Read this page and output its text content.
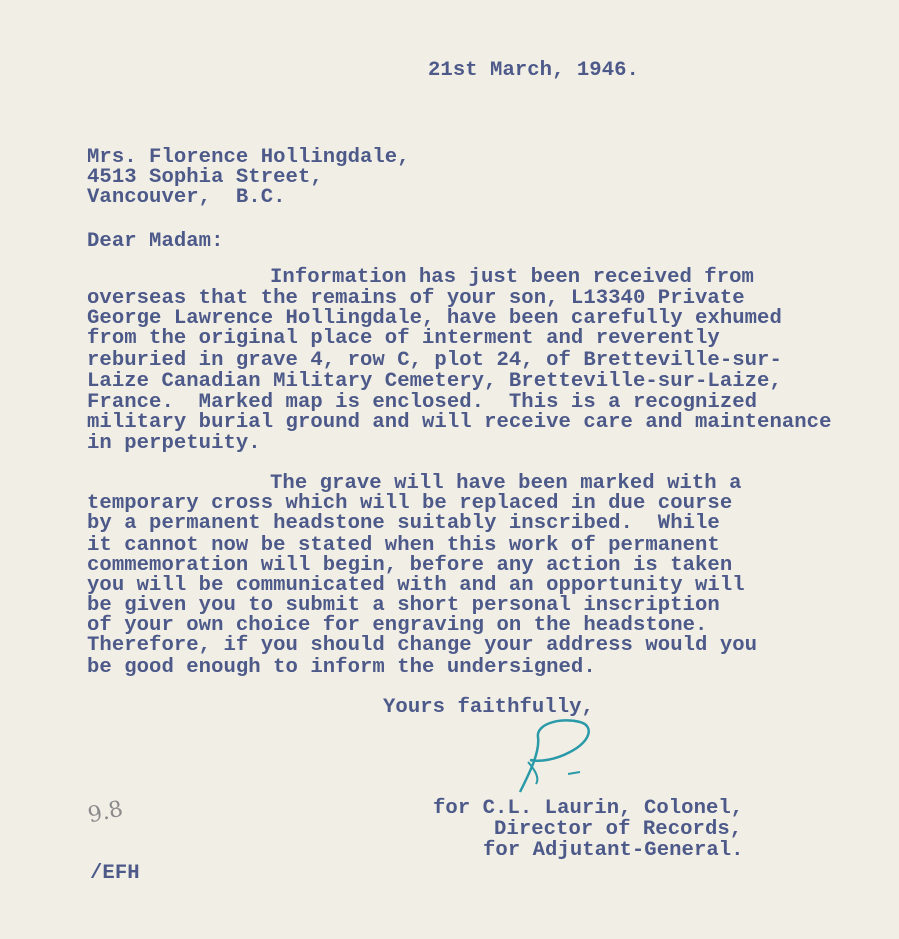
21st March, 1946.
Mrs. Florence Hollingdale,
4513 Sophia Street,
Vancouver,  B.C.
Dear Madam:
Information has just been received from
overseas that the remains of your son, L13340 Private
George Lawrence Hollingdale, have been carefully exhumed
from the original place of interment and reverently
reburied in grave 4, row C, plot 24, of Bretteville-sur-
Laize Canadian Military Cemetery, Bretteville-sur-Laize,
France.  Marked map is enclosed.  This is a recognized
military burial ground and will receive care and maintenance
in perpetuity.
The grave will have been marked with a
temporary cross which will be replaced in due course
by a permanent headstone suitably inscribed.  While
it cannot now be stated when this work of permanent
commemoration will begin, before any action is taken
you will be communicated with and an opportunity will
be given you to submit a short personal inscription
of your own choice for engraving on the headstone.
Therefore, if you should change your address would you
be good enough to inform the undersigned.
Yours faithfully,
for C.L. Laurin, Colonel,
Director of Records,
for Adjutant-General.
9.8
/EFH
